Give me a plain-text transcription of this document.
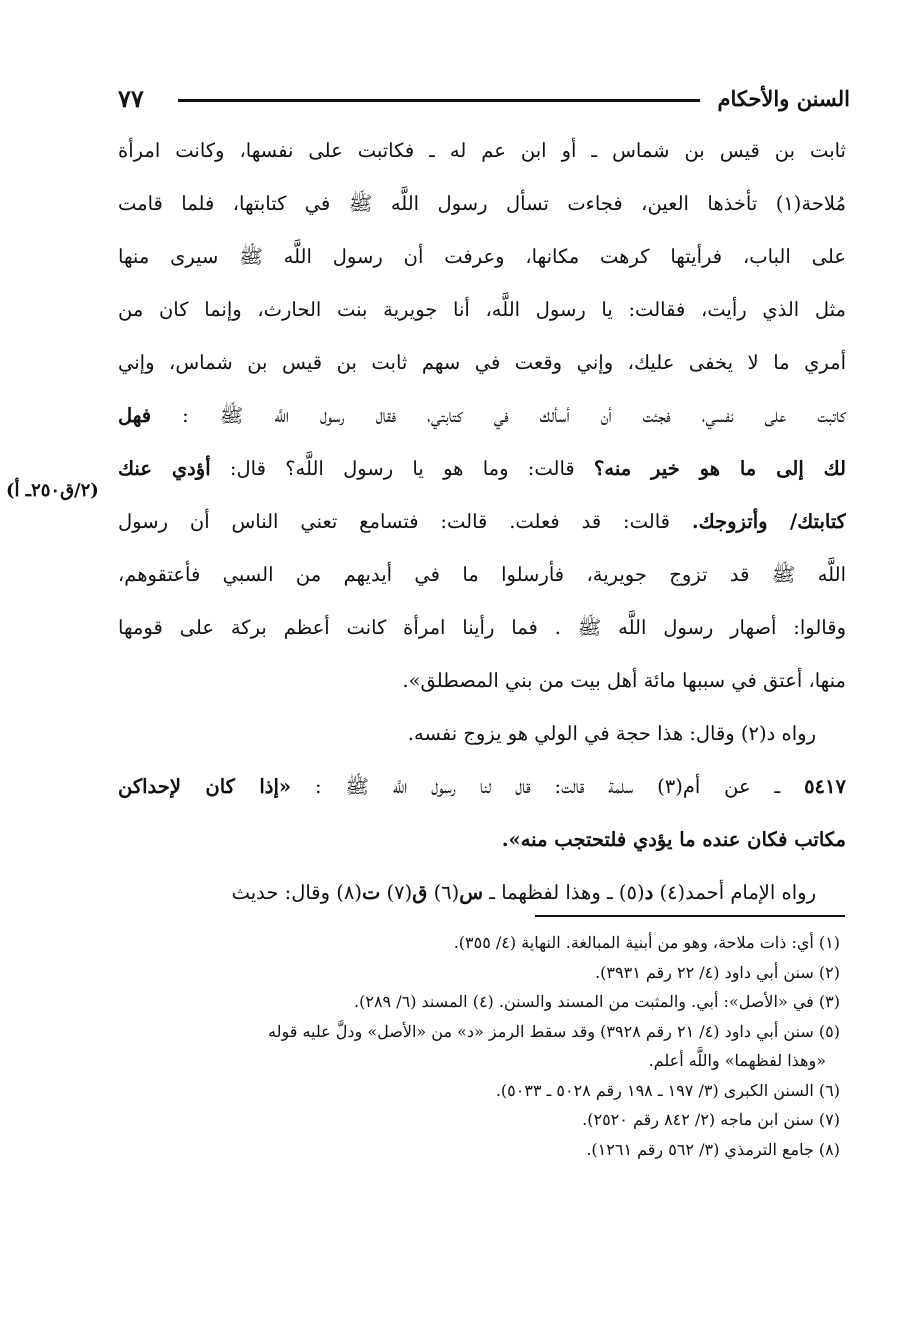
السنن والأحكام
٧٧
(٢/ق٢٥٠ـ أ)
ثابت بن قيس بن شماس ـ أو ابن عم له ـ فكاتبت على نفسها، وكانت امرأة
مُلاحة(١) تأخذها العين، فجاءت تسأل رسول اللَّه ﷺ في كتابتها، فلما قامت
على الباب، فرأيتها كرهت مكانها، وعرفت أن رسول اللَّه ﷺ سيرى منها
مثل الذي رأيت، فقالت: يا رسول اللَّه، أنا جويرية بنت الحارث، وإنما كان من
أمري ما لا يخفى عليك، وإني وقعت في سهم ثابت بن قيس بن شماس، وإني
كاتبت على نفسي، فجئت أن أسألك في كتابتي، فقال رسول اللَّه ﷺ : فهل
لك إلى ما هو خير منه؟ قالت: وما هو يا رسول اللَّه؟ قال: أؤدي عنك
كتابتك/ وأتزوجك. قالت: قد فعلت. قالت: فتسامع تعني الناس أن رسول
اللَّه ﷺ قد تزوج جويرية، فأرسلوا ما في أيديهم من السبي فأعتقوهم،
وقالوا: أصهار رسول اللَّه ﷺ . فما رأينا امرأة كانت أعظم بركة على قومها
منها، أعتق في سببها مائة أهل بيت من بني المصطلق».
رواه د(٢) وقال: هذا حجة في الولي هو يزوج نفسه.
٥٤١٧ ـ عن أم(٣) سلمة قالت: قال لنا رسول اللَّه ﷺ : «إذا كان لإحداكن
مكاتب فكان عنده ما يؤدي فلتحتجب منه».
رواه الإمام أحمد(٤) د(٥) ـ وهذا لفظهما ـ س(٦) ق(٧) ت(٨) وقال: حديث
(١) أي: ذات ملاحة، وهو من أبنية المبالغة. النهاية (٤/ ٣٥٥).
(٢) سنن أبي داود (٤/ ٢٢ رقم ٣٩٣١).
(٣) في «الأصل»: أبي. والمثبت من المسند والسنن. (٤) المسند (٦/ ٢٨٩).
(٥) سنن أبي داود (٤/ ٢١ رقم ٣٩٢٨) وقد سقط الرمز «د» من «الأصل» ودلَّ عليه قوله
«وهذا لفظهما» واللَّه أعلم.
(٦) السنن الكبرى (٣/ ١٩٧ ـ ١٩٨ رقم ٥٠٢٨ ـ ٥٠٣٣).
(٧) سنن ابن ماجه (٢/ ٨٤٢ رقم ٢٥٢٠).
(٨) جامع الترمذي (٣/ ٥٦٢ رقم ١٢٦١).
